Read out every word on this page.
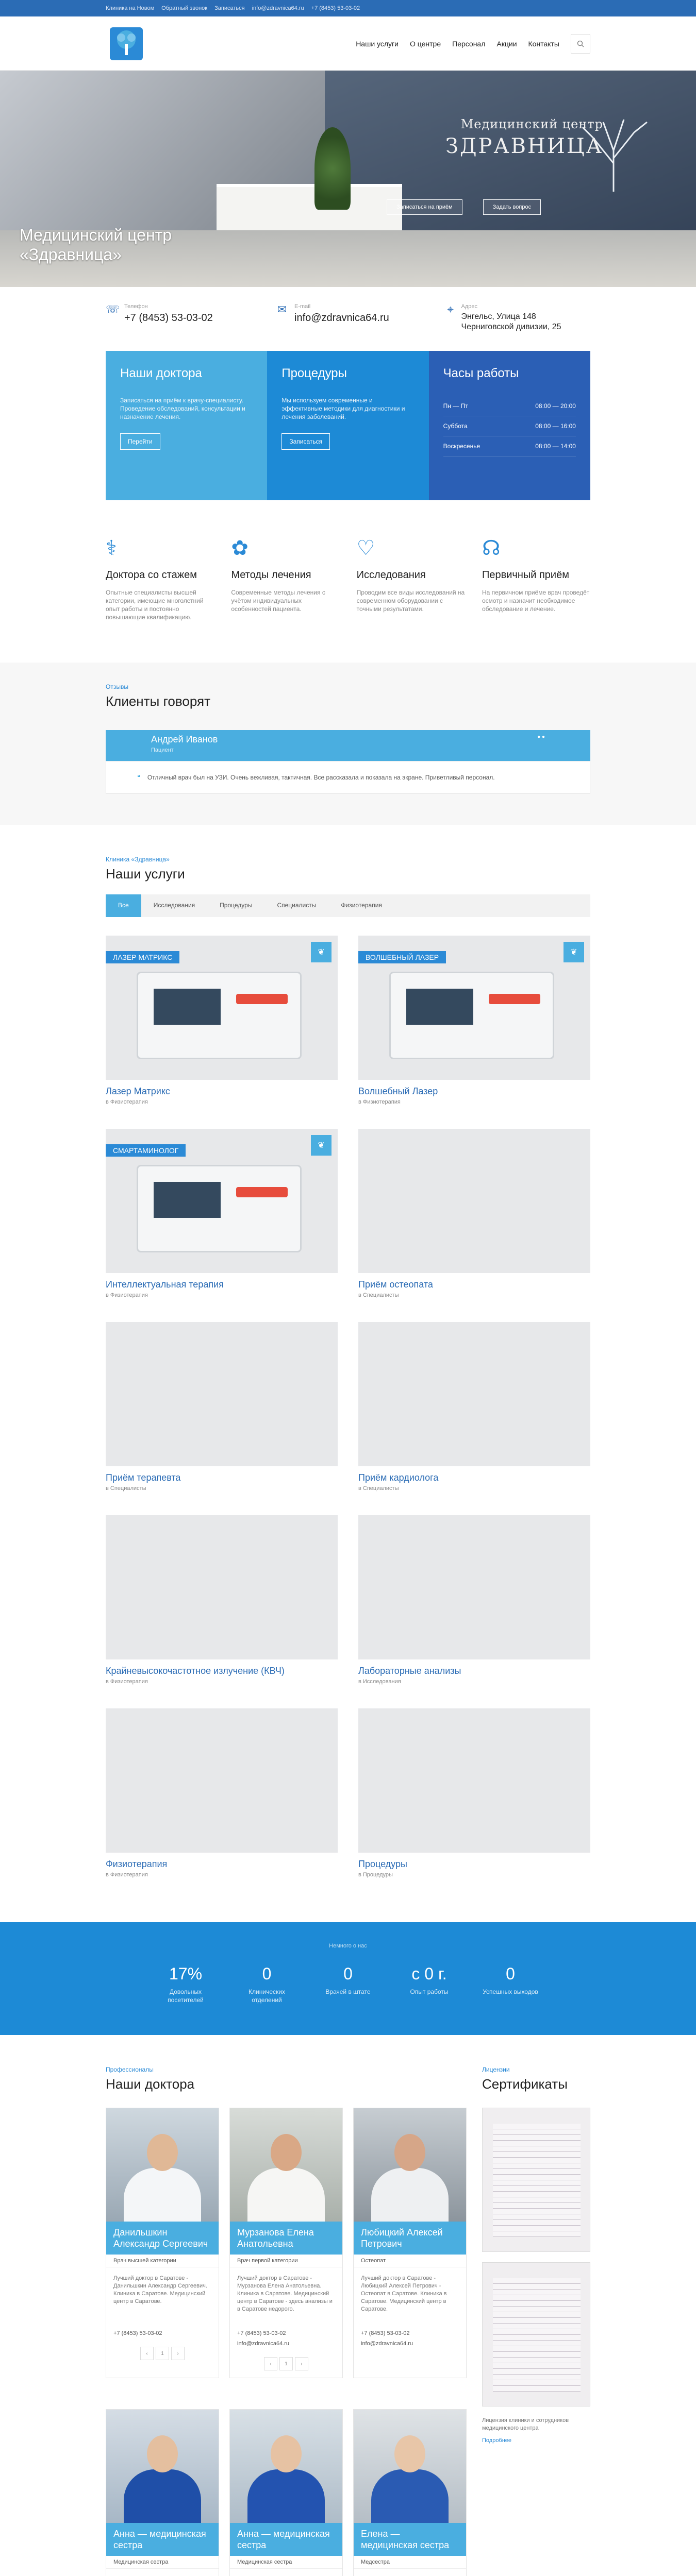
Клиника на Новом Обратный звонок Записаться info@zdravnica64.ru +7 (8453) 53-03-02
Наши услуги О центре Персонал Акции Контакты
Медицинский центр
ЗДРАВНИЦА
Записаться на приём	Задать вопрос
Медицинский центр
«Здравница»
☏ Телефон
+7 (8453) 53-03-02
✉ E-mail
info@zdravnica64.ru
⌖ Адрес
Энгельс, Улица 148 Черниговской дивизии, 25
Наши доктора

Записаться на приём к врачу-специалисту. Проведение обследований, консультации и назначение лечения.

Перейти
Процедуры

Мы используем современные и эффективные методики для диагностики и лечения заболеваний.

Записаться
Часы работы
Пн — Пт	08:00 — 20:00
Суббота	08:00 — 16:00
Воскресенье	08:00 — 14:00
⚕
Доктора со стажем

Опытные специалисты высшей категории, имеющие многолетний опыт работы и постоянно повышающие квалификацию.

✿
Методы лечения

Современные методы лечения с учётом индивидуальных особенностей пациента.

♡
Исследования

Проводим все виды исследований на современном оборудовании с точными результатами.

☊
Первичный приём

На первичном приёме врач проведёт осмотр и назначит необходимое обследование и лечение.

Отзывы
Клиенты говорят
Андрей Иванов
Пациент
● ●
❝ Отличный врач был на УЗИ. Очень вежливая, тактичная. Все рассказала и показала на экране. Приветливый персонал.
Клиника «Здравница»
Наши услуги
Все	Исследования	Процедуры	Специалисты	Физиотерапия
ЛАЗЕР МАТРИКС
❦
Лазер Матрикс
в Физиотерапия
ВОЛШЕБНЫЙ ЛАЗЕР
❦
Волшебный Лазер
в Физиотерапия
СМАРТАМИНОЛОГ
❦
Интеллектуальная терапия
в Физиотерапия
Приём остеопата
в Специалисты
Приём терапевта
в Специалисты
Приём кардиолога
в Специалисты
Крайневысокочастотное излучение (КВЧ)
в Физиотерапия
Лабораторные анализы
в Исследования
Физиотерапия
в Физиотерапия
Процедуры
в Процедуры
Немного о нас
17%
Довольных посетителей
0
Клинических отделений
0
Врачей в штате
с 0 г.
Опыт работы
0
Успешных выходов
Профессионалы
Наши доктора
Данильшкин Александр Сергеевич
Врач высшей категории
Лучший доктор в Саратове - Данильшкин Александр Сергеевич. Клиника в Саратове. Медицинский центр в Саратове.
+7 (8453) 53-03-02
‹	1	›
Мурзанова Елена Анатольевна
Врач первой категории
Лучший доктор в Саратове - Мурзанова Елена Анатольевна. Клиника в Саратове. Медицинский центр в Саратове - здесь анализы и в Саратове недорого.
+7 (8453) 53-03-02
info@zdravnica64.ru
‹	1	›
Любицкий Алексей Петрович
Остеопат
Лучший доктор в Саратове - Любицкий Алексей Петрович - Остеопат в Саратове. Клиника в Саратове. Медицинский центр в Саратове.
+7 (8453) 53-03-02
info@zdravnica64.ru
Анна — медицинская сестра
Медицинская сестра
Анна — медицинская сестра
Медицинская сестра
Елена — медицинская сестра
Медсестра
Лицензии
Сертификаты
Лицензия клиники и сотрудников медицинского центра
Подробнее
